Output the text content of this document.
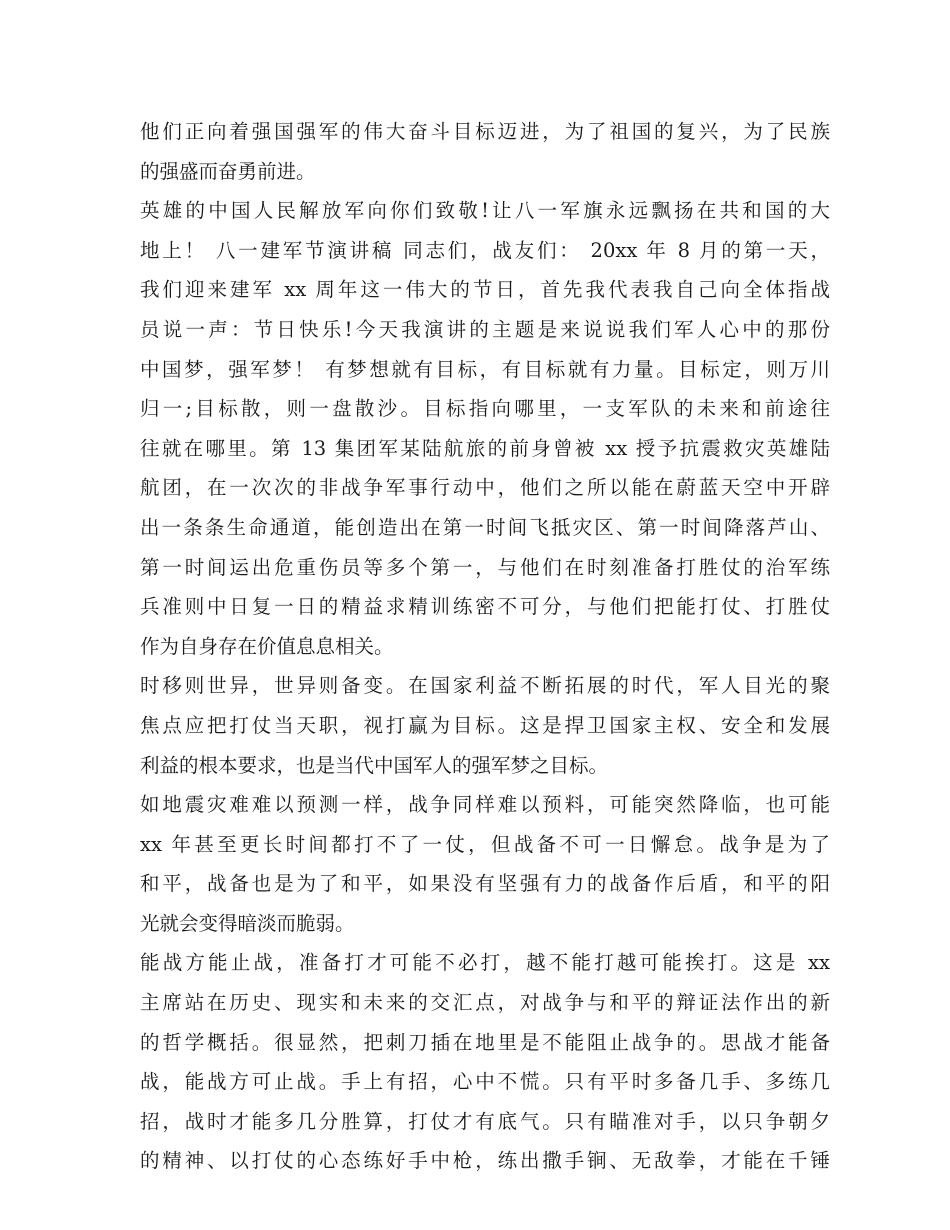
他们正向着强国强军的伟大奋斗目标迈进，为了祖国的复兴，为了民族
的强盛而奋勇前进。
英雄的中国人民解放军向你们致敬!让八一军旗永远飘扬在共和国的大
地上！ 八一建军节演讲稿 同志们，战友们： 20xx 年 8 月的第一天，
我们迎来建军 xx 周年这一伟大的节日，首先我代表我自己向全体指战
员说一声：节日快乐!今天我演讲的主题是来说说我们军人心中的那份
中国梦，强军梦！ 有梦想就有目标，有目标就有力量。目标定，则万川
归一;目标散，则一盘散沙。目标指向哪里，一支军队的未来和前途往
往就在哪里。第 13 集团军某陆航旅的前身曾被 xx 授予抗震救灾英雄陆
航团，在一次次的非战争军事行动中，他们之所以能在蔚蓝天空中开辟
出一条条生命通道，能创造出在第一时间飞抵灾区、第一时间降落芦山、
第一时间运出危重伤员等多个第一，与他们在时刻准备打胜仗的治军练
兵准则中日复一日的精益求精训练密不可分，与他们把能打仗、打胜仗
作为自身存在价值息息相关。
时移则世异，世异则备变。在国家利益不断拓展的时代，军人目光的聚
焦点应把打仗当天职，视打赢为目标。这是捍卫国家主权、安全和发展
利益的根本要求，也是当代中国军人的强军梦之目标。
如地震灾难难以预测一样，战争同样难以预料，可能突然降临，也可能
xx 年甚至更长时间都打不了一仗，但战备不可一日懈怠。战争是为了
和平，战备也是为了和平，如果没有坚强有力的战备作后盾，和平的阳
光就会变得暗淡而脆弱。
能战方能止战，准备打才可能不必打，越不能打越可能挨打。这是 xx
主席站在历史、现实和未来的交汇点，对战争与和平的辩证法作出的新
的哲学概括。很显然，把刺刀插在地里是不能阻止战争的。思战才能备
战，能战方可止战。手上有招，心中不慌。只有平时多备几手、多练几
招，战时才能多几分胜算，打仗才有底气。只有瞄准对手，以只争朝夕
的精神、以打仗的心态练好手中枪，练出撒手锏、无敌拳，才能在千锤
